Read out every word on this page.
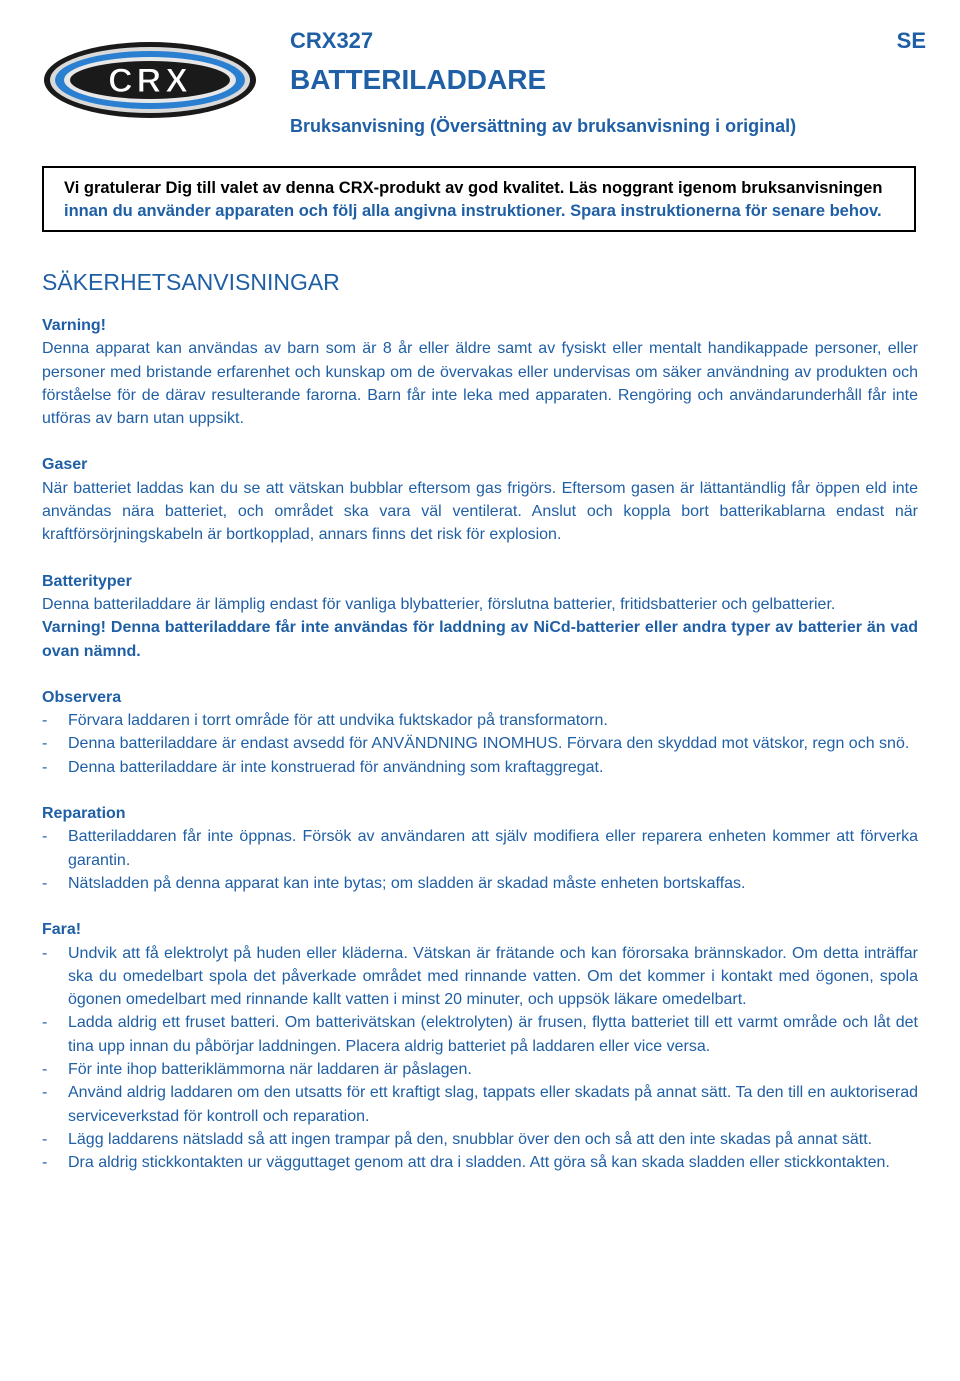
CRX
CRX327	SE
BATTERILADDARE
Bruksanvisning (Översättning av bruksanvisning i original)
Vi gratulerar Dig till valet av denna CRX-produkt av god kvalitet. Läs noggrant igenom bruksanvisningen
innan du använder apparaten och följ alla angivna instruktioner. Spara instruktionerna för senare behov.
SÄKERHETSANVISNINGAR
Varning!

Denna apparat kan användas av barn som är 8 år eller äldre samt av fysiskt eller mentalt handikappade personer, eller personer med bristande erfarenhet och kunskap om de övervakas eller undervisas om säker användning av produkten och förståelse för de därav resulterande farorna. Barn får inte leka med apparaten. Rengöring och användarunderhåll får inte utföras av barn utan uppsikt.

Gaser

När batteriet laddas kan du se att vätskan bubblar eftersom gas frigörs. Eftersom gasen är lättantändlig får öppen eld inte användas nära batteriet, och området ska vara väl ventilerat. Anslut och koppla bort batterikablarna endast när kraftförsörjningskabeln är bortkopplad, annars finns det risk för explosion.

Batterityper

Denna batteriladdare är lämplig endast för vanliga blybatterier, förslutna batterier, fritidsbatterier och gelbatterier.

Varning! Denna batteriladdare får inte användas för laddning av NiCd-batterier eller andra typer av batterier än vad ovan nämnd.

Observera
- Förvara laddaren i torrt område för att undvika fuktskador på transformatorn.
- Denna batteriladdare är endast avsedd för ANVÄNDNING INOMHUS. Förvara den skyddad mot vätskor, regn och snö.
- Denna batteriladdare är inte konstruerad för användning som kraftaggregat.
Reparation
- Batteriladdaren får inte öppnas. Försök av användaren att själv modifiera eller reparera enheten kommer att förverka garantin.
- Nätsladden på denna apparat kan inte bytas; om sladden är skadad måste enheten bortskaffas.
Fara!
- Undvik att få elektrolyt på huden eller kläderna. Vätskan är frätande och kan förorsaka brännskador. Om detta inträffar ska du omedelbart spola det påverkade området med rinnande vatten. Om det kommer i kontakt med ögonen, spola ögonen omedelbart med rinnande kallt vatten i minst 20 minuter, och uppsök läkare omedelbart.
- Ladda aldrig ett fruset batteri. Om batterivätskan (elektrolyten) är frusen, flytta batteriet till ett varmt område och låt det tina upp innan du påbörjar laddningen. Placera aldrig batteriet på laddaren eller vice versa.
- För inte ihop batteriklämmorna när laddaren är påslagen.
- Använd aldrig laddaren om den utsatts för ett kraftigt slag, tappats eller skadats på annat sätt. Ta den till en auktoriserad serviceverkstad för kontroll och reparation.
- Lägg laddarens nätsladd så att ingen trampar på den, snubblar över den och så att den inte skadas på annat sätt.
- Dra aldrig stickkontakten ur vägguttaget genom att dra i sladden. Att göra så kan skada sladden eller stickkontakten.
